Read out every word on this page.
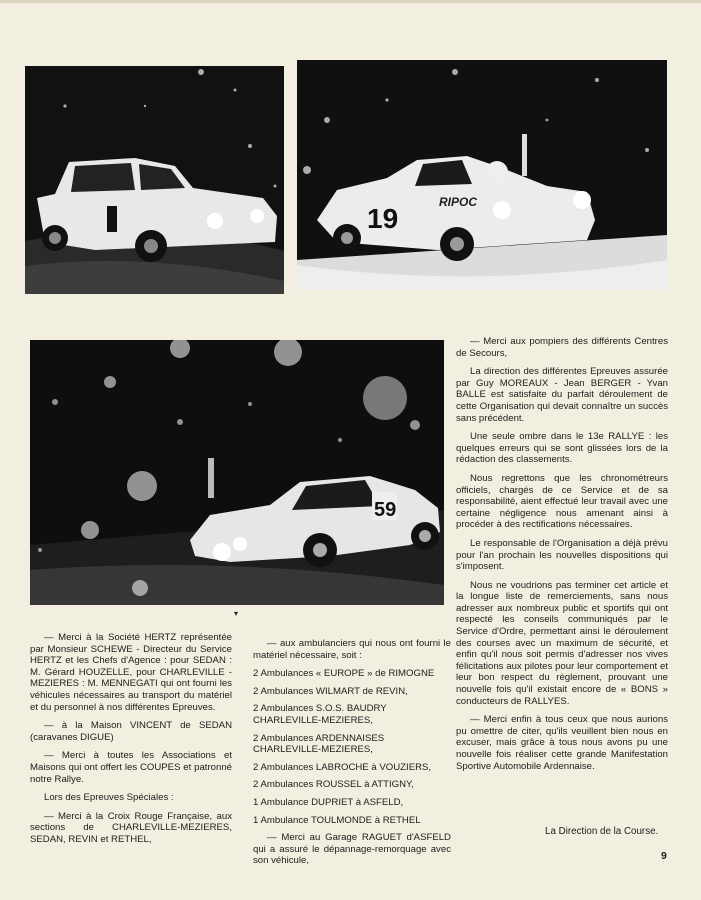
19
RIPOC
59
▾

— Merci aux pompiers des différents Centres de Secours,

La direction des différentes Epreuves assurée par Guy MOREAUX - Jean BERGER - Yvan BALLE est satisfaite du parfait déroulement de cette Organisation qui devait connaître un succès sans précédent.

Une seule ombre dans le 13e RALLYE : les quelques erreurs qui se sont glissées lors de la rédaction des classements.

Nous regrettons que les chronométreurs officiels, chargés de ce Service et de sa responsabilité, aient effectué leur travail avec une certaine négligence nous amenant ainsi à procéder à des rectifications nécessaires.

Le responsable de l'Organisation a déjà prévu pour l'an prochain les nouvelles dispositions qui s'imposent.

Nous ne voudrions pas terminer cet article et la longue liste de remerciements, sans nous adresser aux nombreux public et sportifs qui ont respecté les conseils communiqués par le Service d'Ordre, permettant ainsi le déroulement des courses avec un maximum de sécurité, et enfin qu'il nous soit permis d'adresser nos vives félicitations aux pilotes pour leur comportement et leur bon respect du règlement, prouvant une nouvelle fois qu'il existait encore de « BONS » conducteurs de RALLYES.

— Merci enfin à tous ceux que nous aurions pu omettre de citer, qu'ils veuillent bien nous en excuser, mais grâce à tous nous avons pu une nouvelle fois réaliser cette grande Manifestation Sportive Automobile Ardennaise.

— Merci à la Société HERTZ représentée par Monsieur SCHEWE - Directeur du Service HERTZ et les Chefs d'Agence : pour SEDAN : M. Gérard HOUZELLE, pour CHARLEVILLE - MEZIERES : M. MENNEGATI qui ont fourni les véhicules nécessaires au transport du matériel et du personnel à nos différentes Epreuves.

— à la Maison VINCENT de SEDAN (caravanes DIGUE)

— Merci à toutes les Associations et Maisons qui ont offert les COUPES et patronné notre Rallye.

Lors des Epreuves Spéciales :

— Merci à la Croix Rouge Française, aux sections de CHARLEVILLE-MEZIERES, SEDAN, REVIN et RETHEL,

— aux ambulanciers qui nous ont fourni le matériel nécessaire, soit :

2 Ambulances « EUROPE » de RIMOGNE
2 Ambulances WILMART de REVIN,
2 Ambulances S.O.S. BAUDRY CHARLEVILLE-MEZIERES,
2 Ambulances ARDENNAISES CHARLEVILLE-MEZIERES,
2 Ambulances LABROCHE à VOUZIERS,
2 Ambulances ROUSSEL à ATTIGNY,
1 Ambulance DUPRIET à ASFELD,
1 Ambulance TOULMONDE à RETHEL

— Merci au Garage RAGUET d'ASFELD qui a assuré le dépannage-remorquage avec son véhicule,

La Direction de la Course.
9
